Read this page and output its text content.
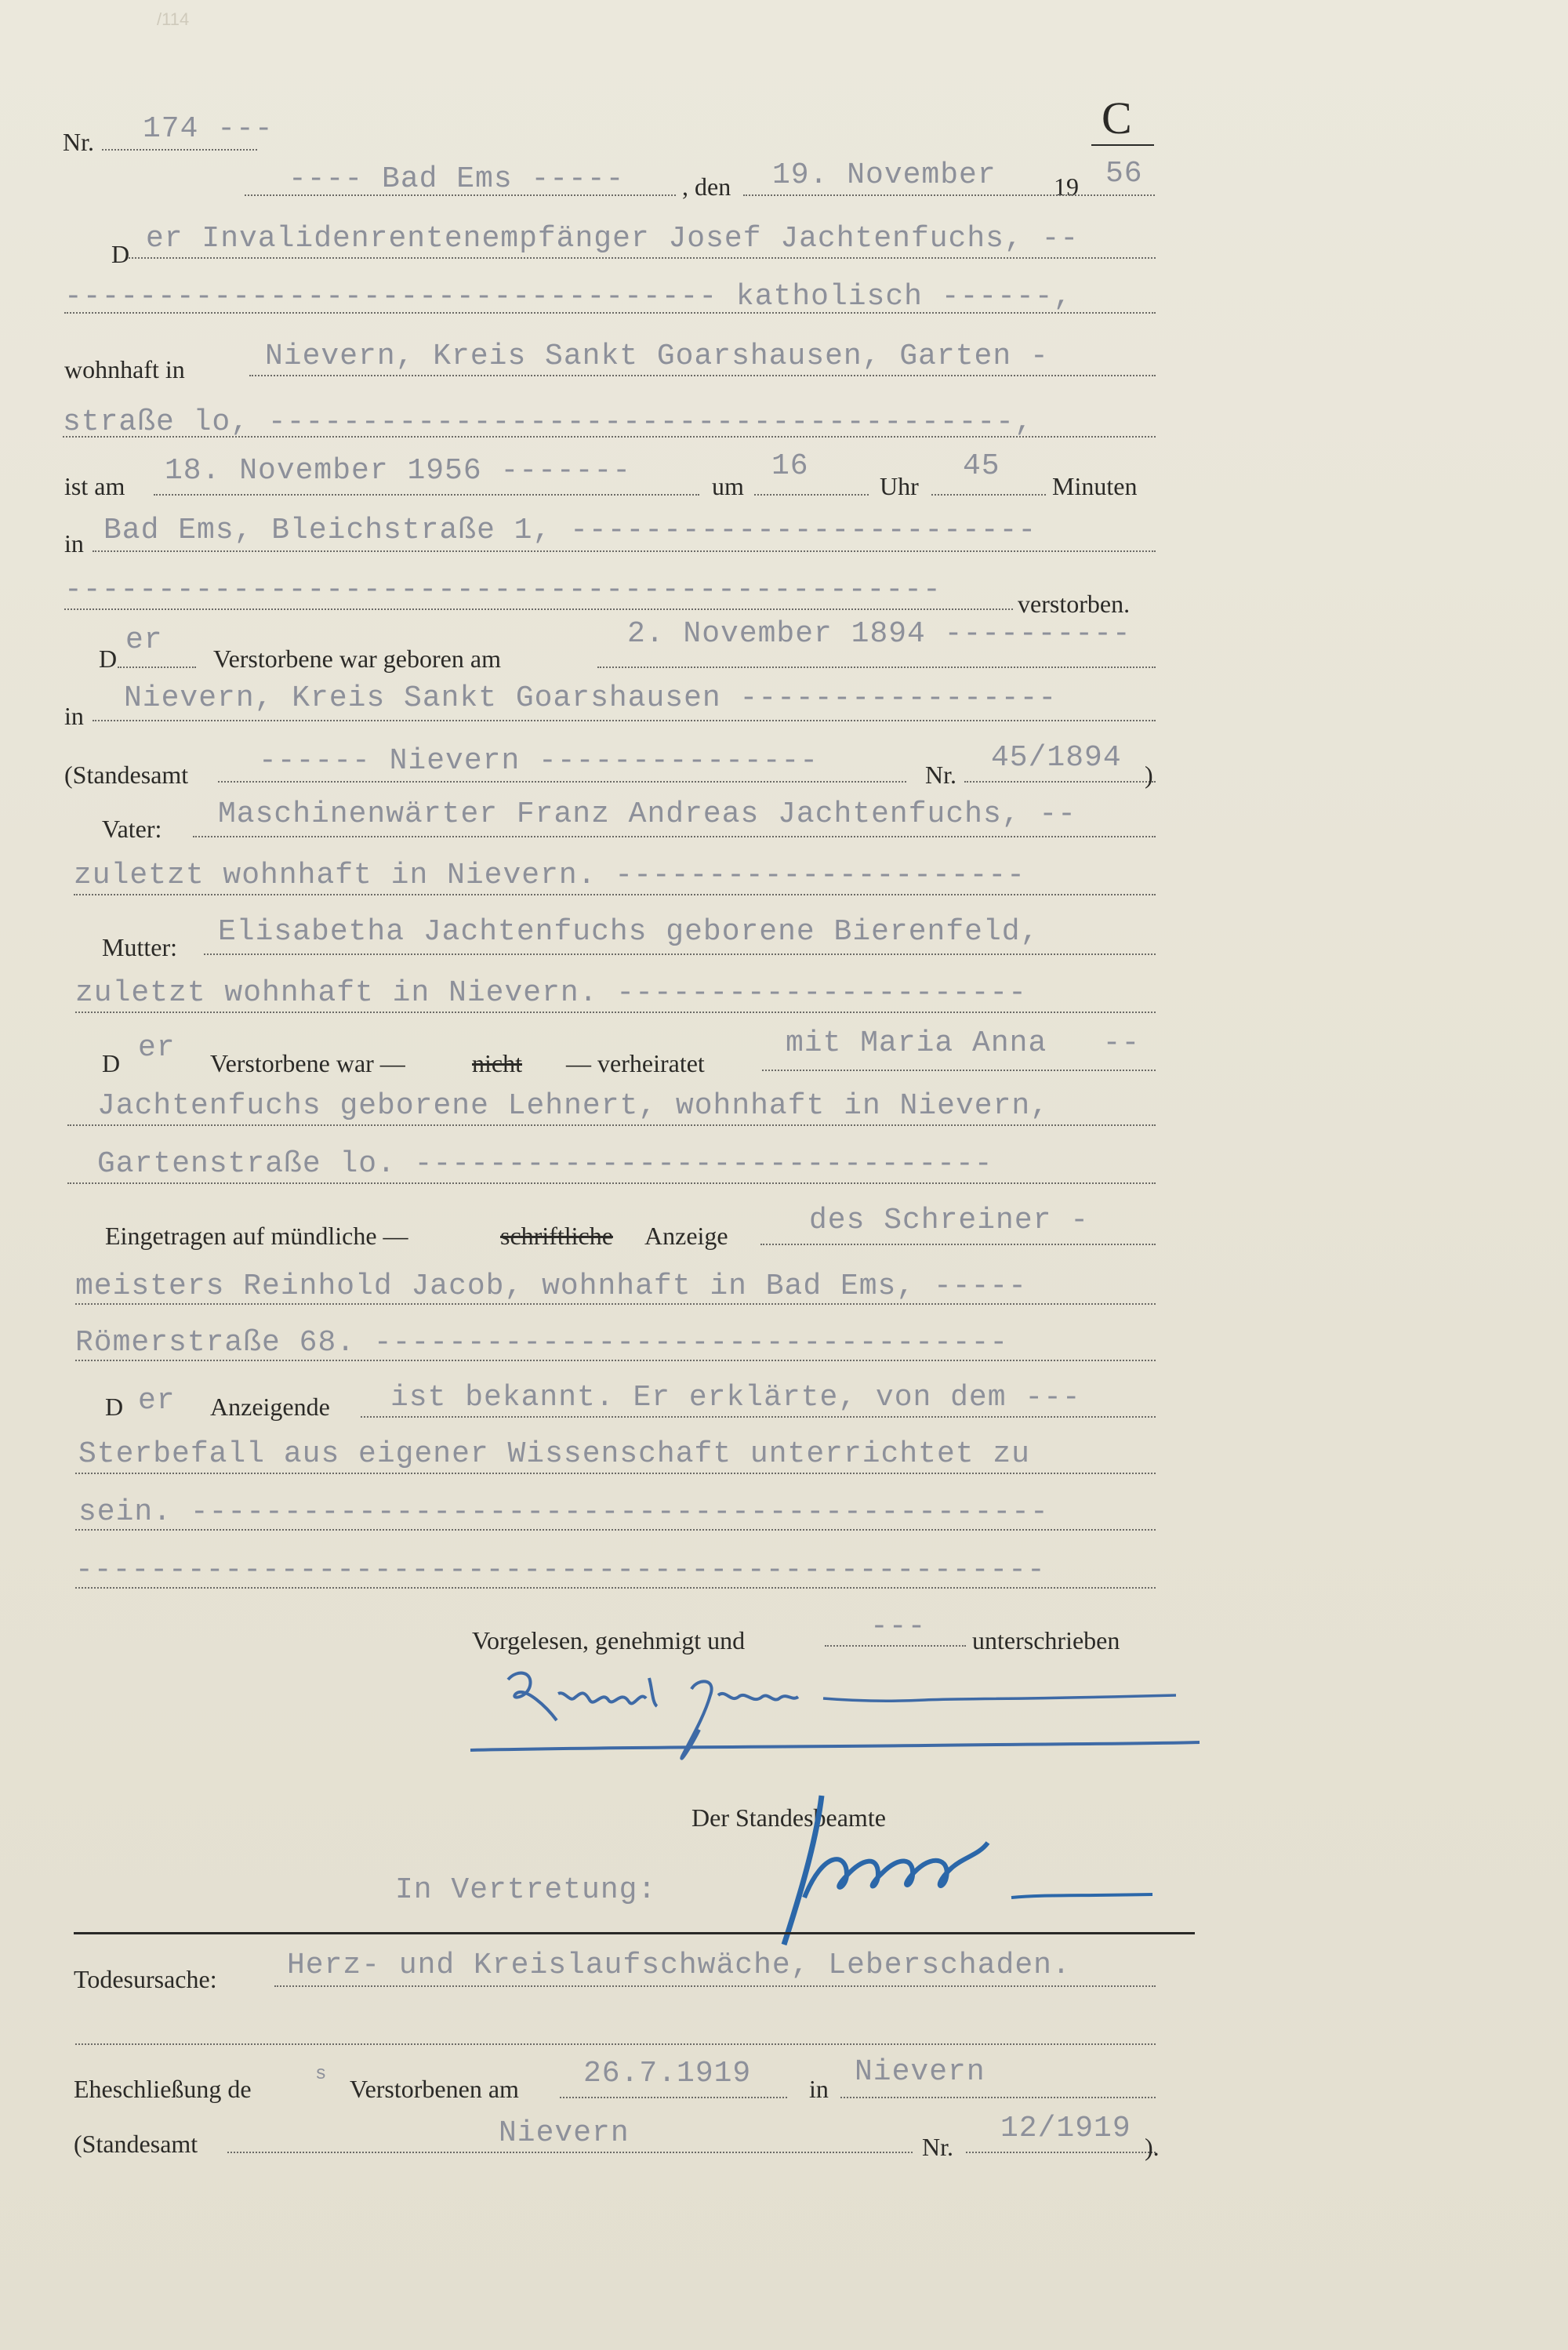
/114
Nr. 174 ---	C
---- Bad Ems ----- , den 19. November 19 56
D er Invalidenrentenempfänger Josef Jachtenfuchs, --
----------------------------------- katholisch ------,
wohnhaft in	Nievern, Kreis Sankt Goarshausen, Garten -
straße lo, ----------------------------------------,
ist am 18. November 1956 -------	um
16
Uhr
45
Minuten
in Bad Ems, Bleichstraße 1, -------------------------
-----------------------------------------------	verstorben.
D
er
Verstorbene war geboren am
2. November 1894 ----------
in
Nievern, Kreis Sankt Goarshausen -----------------
(Standesamt ------ Nievern ---------------	Nr. 45/1894 )
Vater: Maschinenwärter Franz Andreas Jachtenfuchs, --
zuletzt wohnhaft in Nievern. ----------------------
Mutter: Elisabetha Jachtenfuchs geborene Bierenfeld,
zuletzt wohnhaft in Nievern. ----------------------
D er Verstorbene war —	nicht — verheiratet
mit Maria Anna   --
Jachtenfuchs geborene Lehnert, wohnhaft in Nievern,
Gartenstraße lo. -------------------------------
Eingetragen auf mündliche —	schriftliche Anzeige	des Schreiner -
meisters Reinhold Jacob, wohnhaft in Bad Ems, -----
Römerstraße 68. ----------------------------------
D er Anzeigende ist bekannt. Er erklärte, von dem ---
Sterbefall aus eigener Wissenschaft unterrichtet zu
sein. ----------------------------------------------
----------------------------------------------------
Vorgelesen, genehmigt und	--- unterschrieben
Der Standesbeamte
In Vertretung:
Todesursache: Herz- und Kreislaufschwäche, Leberschaden.
Eheschließung de
s
Verstorbenen am 26.7.1919 in Nievern
(Standesamt	Nievern	Nr.
12/1919
).
